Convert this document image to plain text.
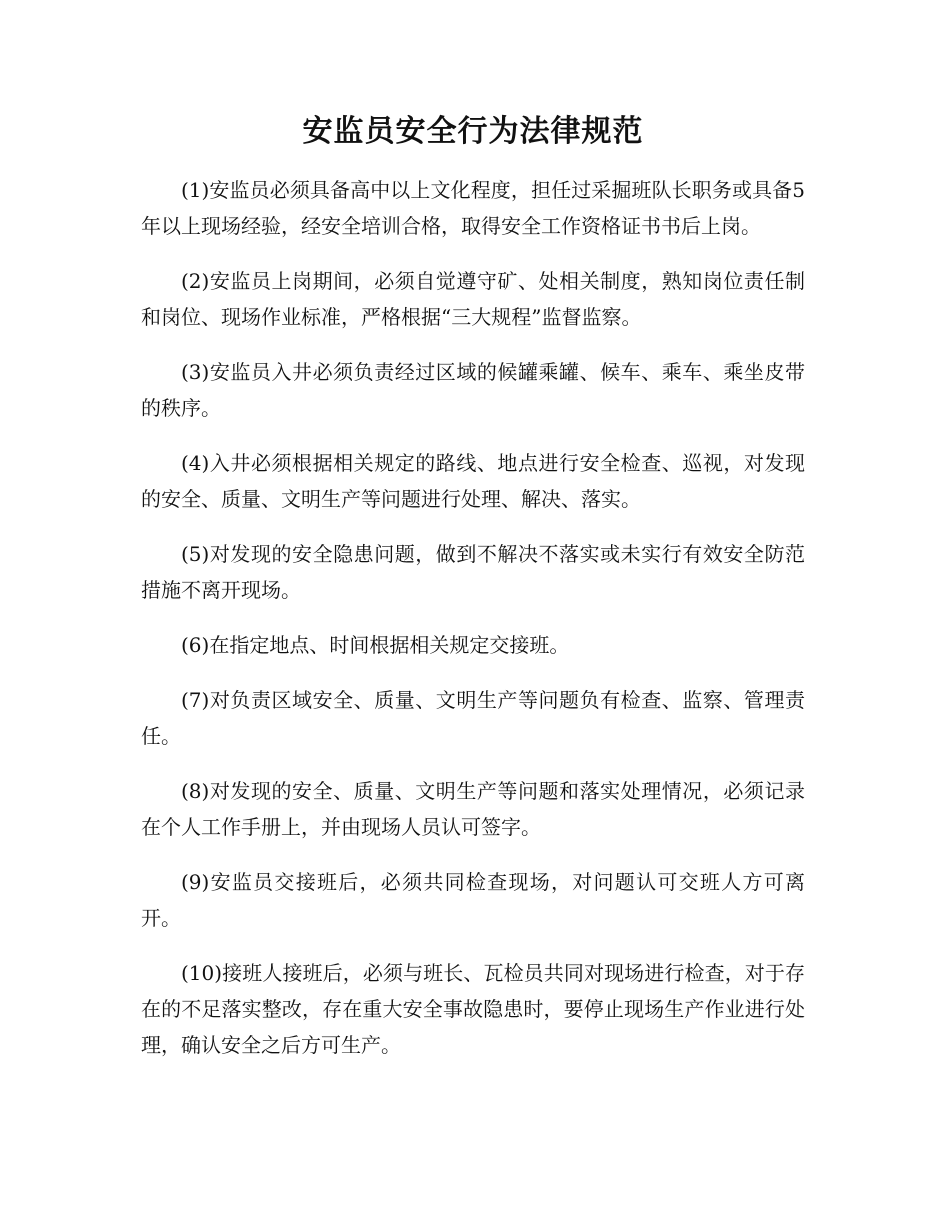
安监员安全行为法律规范

(1)安监员必须具备高中以上文化程度，担任过采掘班队长职务或具备5年以上现场经验，经安全培训合格，取得安全工作资格证书书后上岗。

(2)安监员上岗期间，必须自觉遵守矿、处相关制度，熟知岗位责任制和岗位、现场作业标准，严格根据“三大规程”监督监察。

(3)安监员入井必须负责经过区域的候罐乘罐、候车、乘车、乘坐皮带的秩序。

(4)入井必须根据相关规定的路线、地点进行安全检查、巡视，对发现的安全、质量、文明生产等问题进行处理、解决、落实。

(5)对发现的安全隐患问题，做到不解决不落实或未实行有效安全防范措施不离开现场。

(6)在指定地点、时间根据相关规定交接班。

(7)对负责区域安全、质量、文明生产等问题负有检查、监察、管理责任。

(8)对发现的安全、质量、文明生产等问题和落实处理情况，必须记录在个人工作手册上，并由现场人员认可签字。

(9)安监员交接班后，必须共同检查现场，对问题认可交班人方可离开。

(10)接班人接班后，必须与班长、瓦检员共同对现场进行检查，对于存在的不足落实整改，存在重大安全事故隐患时，要停止现场生产作业进行处理，确认安全之后方可生产。
